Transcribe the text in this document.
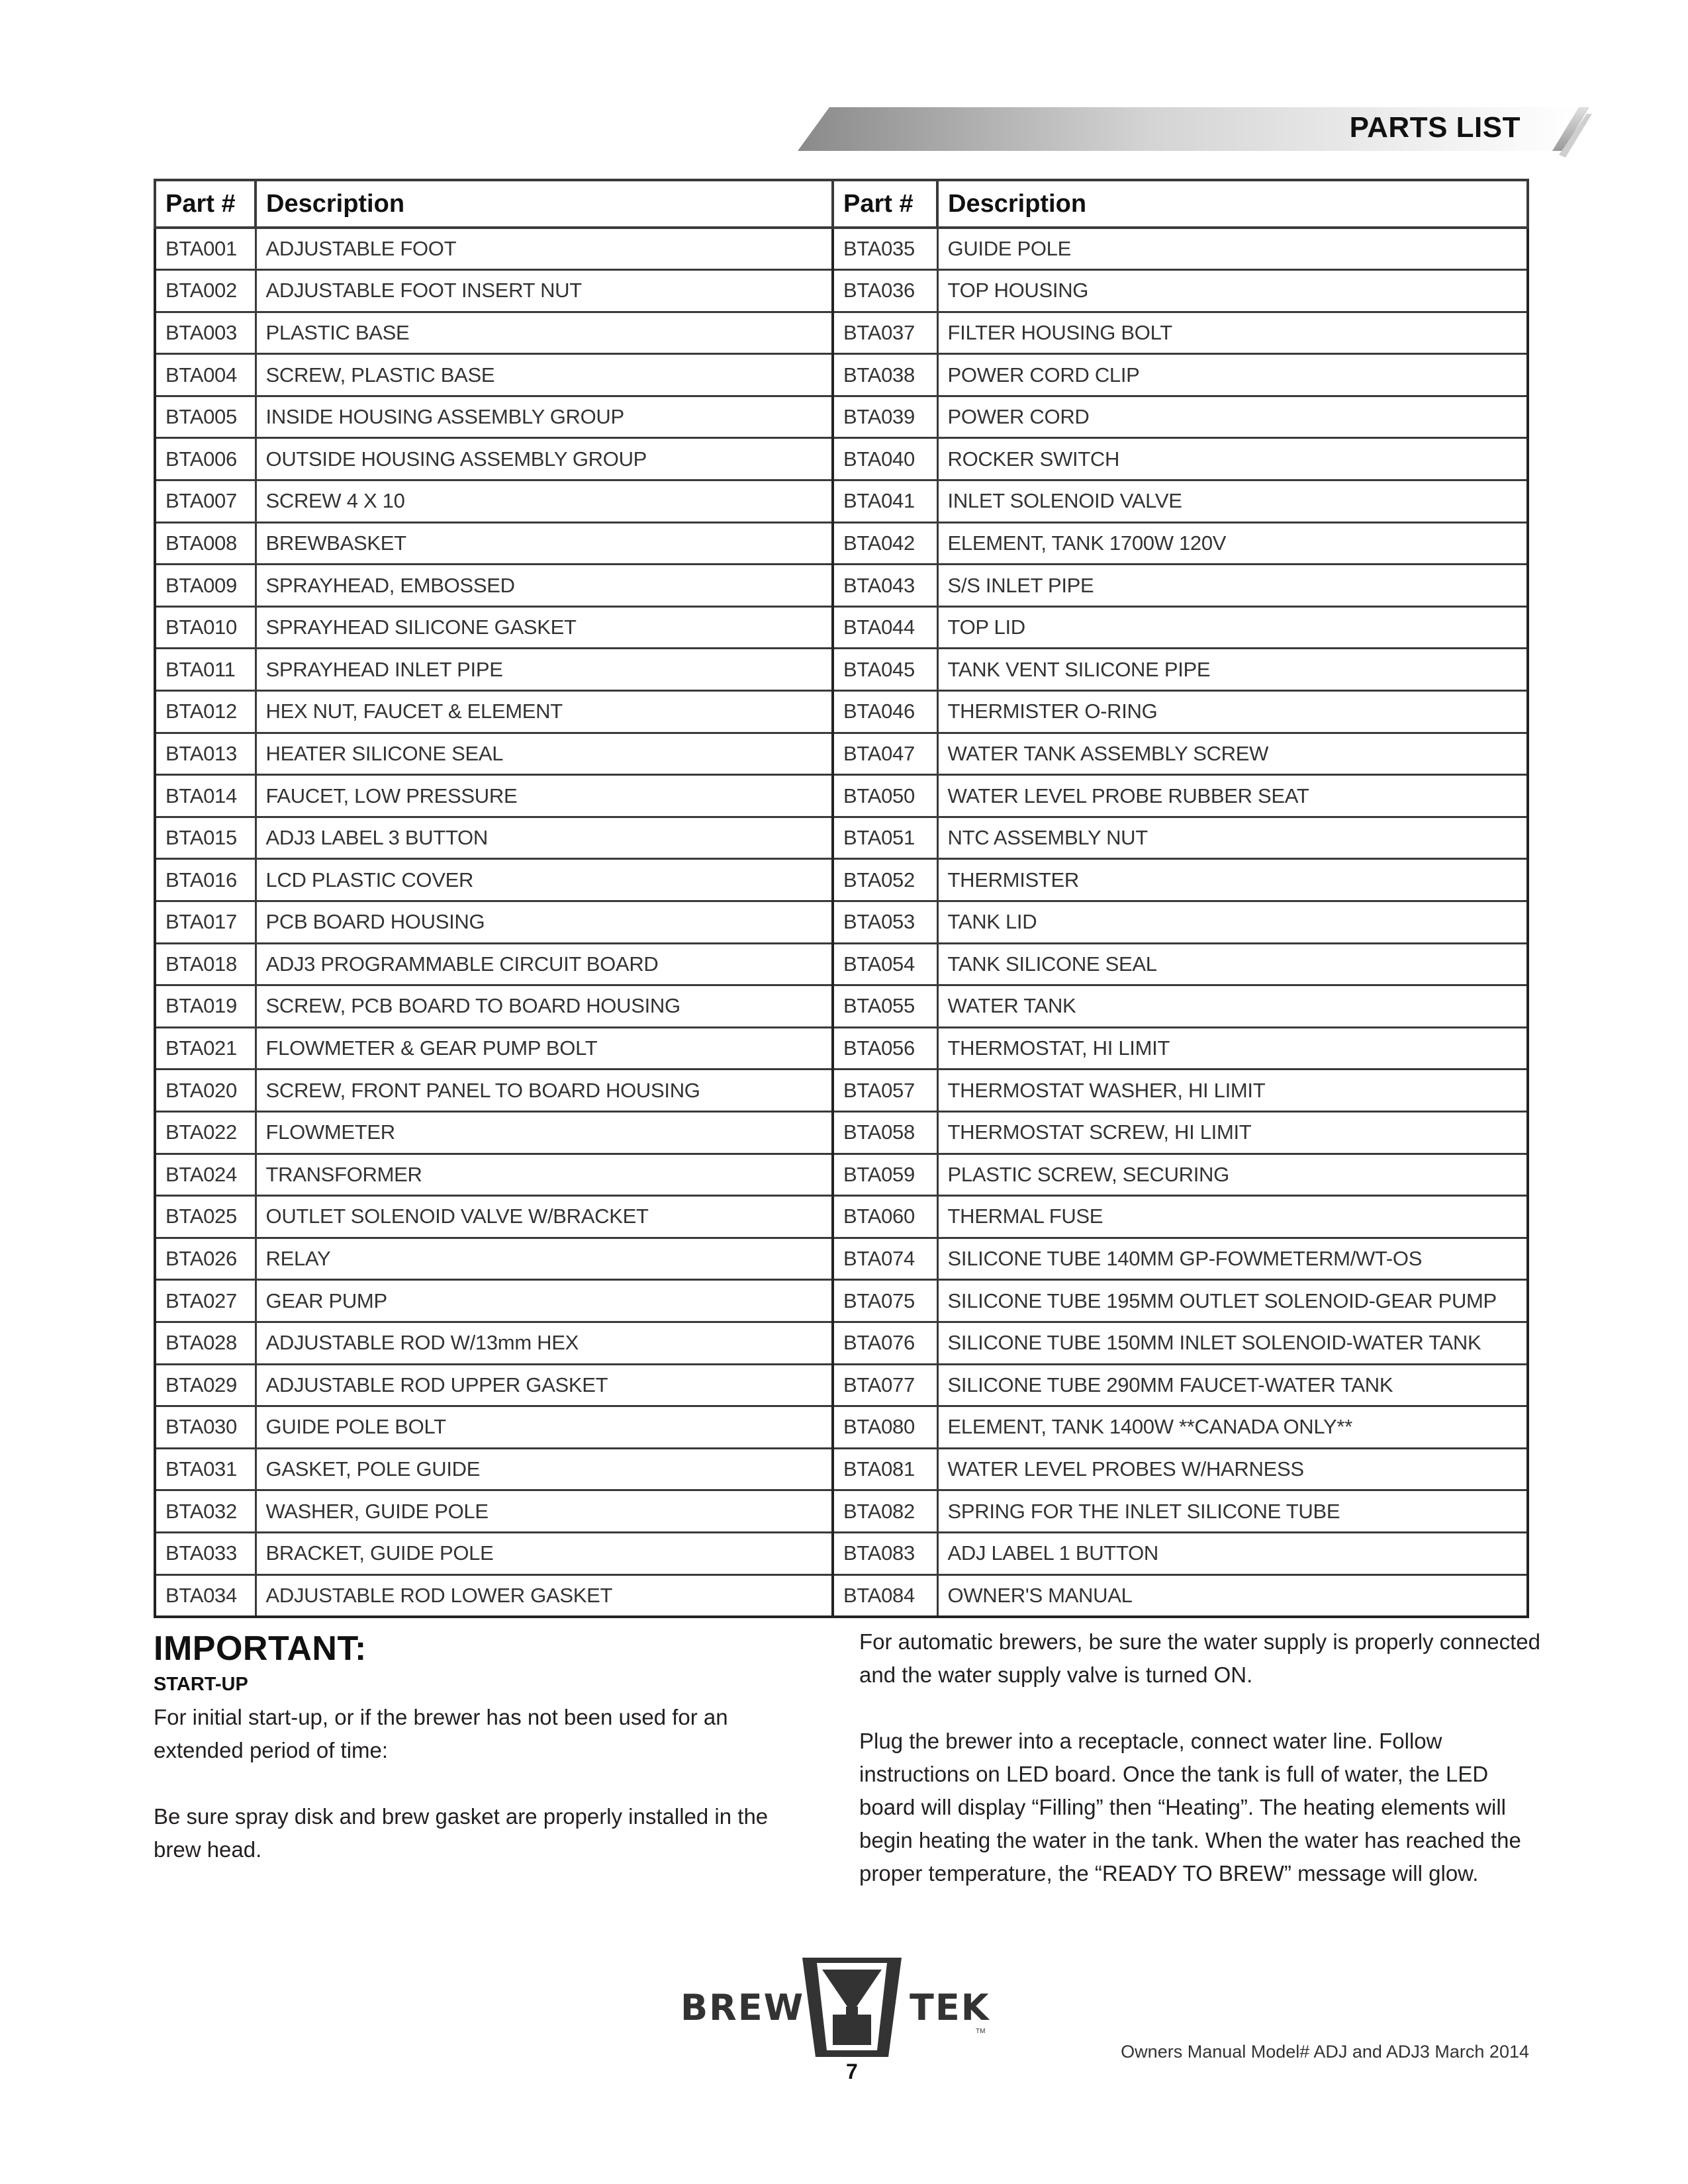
PARTS LIST
Part #	Description	Part #	Description
BTA001	ADJUSTABLE FOOT	BTA035	GUIDE POLE
BTA002	ADJUSTABLE FOOT INSERT NUT	BTA036	TOP HOUSING
BTA003	PLASTIC BASE	BTA037	FILTER HOUSING BOLT
BTA004	SCREW, PLASTIC BASE	BTA038	POWER CORD CLIP
BTA005	INSIDE HOUSING ASSEMBLY GROUP	BTA039	POWER CORD
BTA006	OUTSIDE HOUSING ASSEMBLY GROUP	BTA040	ROCKER SWITCH
BTA007	SCREW 4 X 10	BTA041	INLET SOLENOID VALVE
BTA008	BREWBASKET	BTA042	ELEMENT, TANK 1700W 120V
BTA009	SPRAYHEAD, EMBOSSED	BTA043	S/S INLET PIPE
BTA010	SPRAYHEAD SILICONE GASKET	BTA044	TOP LID
BTA011	SPRAYHEAD INLET PIPE	BTA045	TANK VENT SILICONE PIPE
BTA012	HEX NUT, FAUCET & ELEMENT	BTA046	THERMISTER O-RING
BTA013	HEATER SILICONE SEAL	BTA047	WATER TANK ASSEMBLY SCREW
BTA014	FAUCET, LOW PRESSURE	BTA050	WATER LEVEL PROBE RUBBER SEAT
BTA015	ADJ3 LABEL 3 BUTTON	BTA051	NTC ASSEMBLY NUT
BTA016	LCD PLASTIC COVER	BTA052	THERMISTER
BTA017	PCB BOARD HOUSING	BTA053	TANK LID
BTA018	ADJ3 PROGRAMMABLE CIRCUIT BOARD	BTA054	TANK SILICONE SEAL
BTA019	SCREW, PCB BOARD TO BOARD HOUSING	BTA055	WATER TANK
BTA021	FLOWMETER & GEAR PUMP BOLT	BTA056	THERMOSTAT, HI LIMIT
BTA020	SCREW, FRONT PANEL TO BOARD HOUSING	BTA057	THERMOSTAT WASHER, HI LIMIT
BTA022	FLOWMETER	BTA058	THERMOSTAT SCREW, HI LIMIT
BTA024	TRANSFORMER	BTA059	PLASTIC SCREW, SECURING
BTA025	OUTLET SOLENOID VALVE W/BRACKET	BTA060	THERMAL FUSE
BTA026	RELAY	BTA074	SILICONE TUBE 140MM GP-FOWMETERM/WT-OS
BTA027	GEAR PUMP	BTA075	SILICONE TUBE 195MM OUTLET SOLENOID-GEAR PUMP
BTA028	ADJUSTABLE ROD W/13mm HEX	BTA076	SILICONE TUBE 150MM INLET SOLENOID-WATER TANK
BTA029	ADJUSTABLE ROD UPPER GASKET	BTA077	SILICONE TUBE 290MM FAUCET-WATER TANK
BTA030	GUIDE POLE BOLT	BTA080	ELEMENT, TANK 1400W **CANADA ONLY**
BTA031	GASKET, POLE GUIDE	BTA081	WATER LEVEL PROBES W/HARNESS
BTA032	WASHER, GUIDE POLE	BTA082	SPRING FOR THE INLET SILICONE TUBE
BTA033	BRACKET, GUIDE POLE	BTA083	ADJ LABEL 1 BUTTON
BTA034	ADJUSTABLE ROD LOWER GASKET	BTA084	OWNER'S MANUAL
IMPORTANT:
START-UP

For initial start-up, or if the brewer has not been used for an extended period of time:

Be sure spray disk and brew gasket are properly installed in the brew head.

For automatic brewers, be sure the water supply is properly connected and the water supply valve is turned ON.

Plug the brewer into a receptacle, connect water line. Follow instructions on LED board. Once the tank is full of water, the LED board will display “Filling” then “Heating”. The heating elements will begin heating the water in the tank. When the water has reached the proper temperature, the “READY TO BREW” message will glow.

BREW	TEK
TM
7
Owners Manual Model# ADJ and ADJ3 March 2014
